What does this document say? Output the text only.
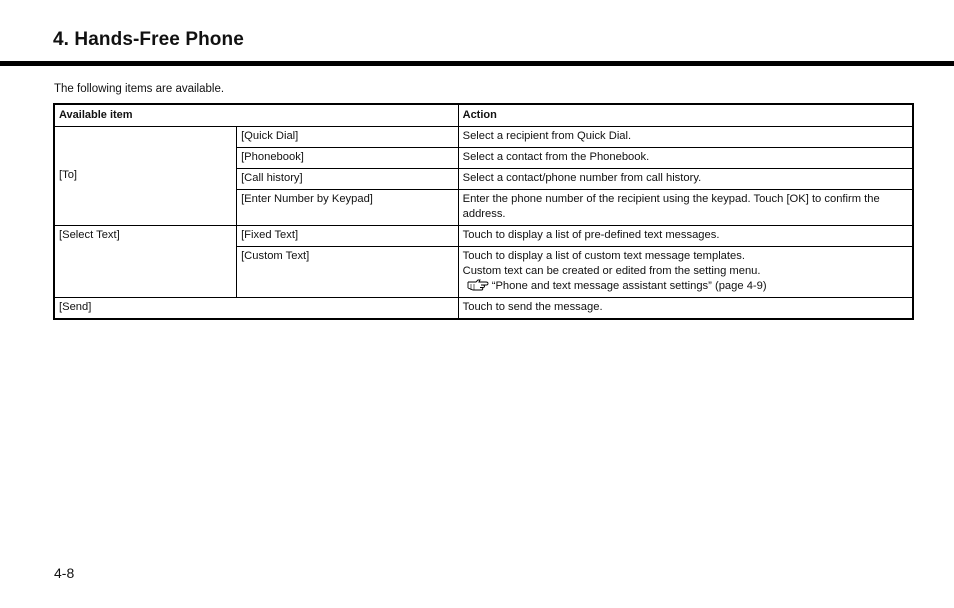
4. Hands-Free Phone

The following items are available.

Available item		Action
[To]	[Quick Dial]	Select a recipient from Quick Dial.
	[Phonebook]	Select a contact from the Phonebook.
	[Call history]	Select a contact/phone number from call history.
	[Enter Number by Keypad]	Enter the phone number of the recipient using the keypad. Touch [OK] to confirm the address.
[Select Text]	[Fixed Text]	Touch to display a list of pre-defined text messages.
	[Custom Text]	Touch to display a list of custom text message templates.
Custom text can be created or edited from the setting menu.
“Phone and text message assistant settings” (page 4-9)

[Send]		Touch to send the message.

4-8
